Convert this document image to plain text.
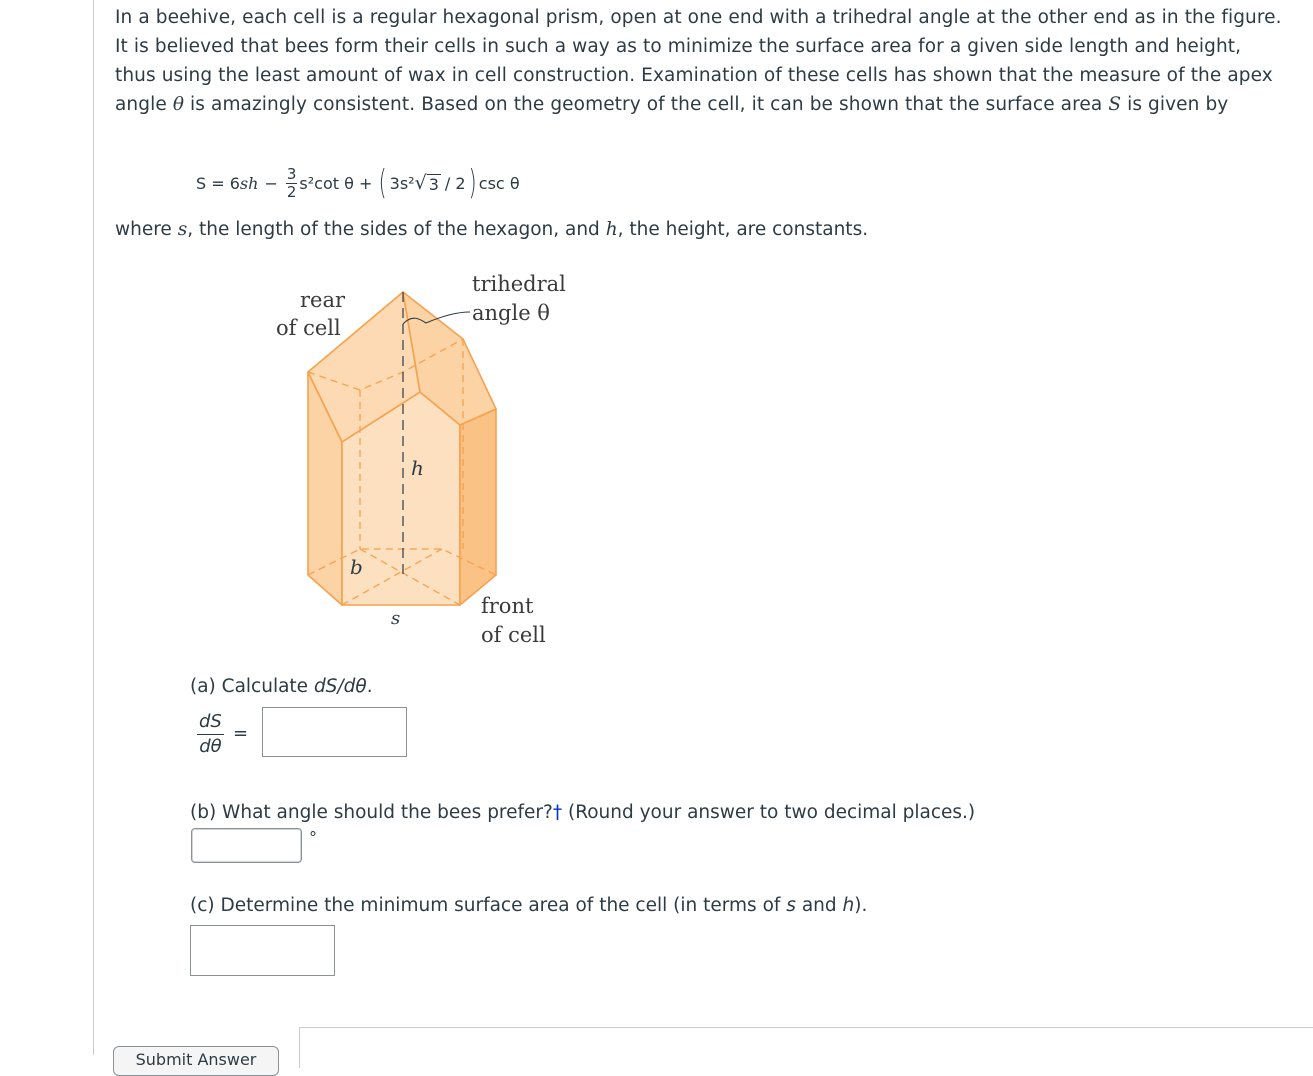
In a beehive, each cell is a regular hexagonal prism, open at one end with a trihedral angle at the other end as in the figure. It is believed that bees form their cells in such a way as to minimize the surface area for a given side length and height, thus using the least amount of wax in cell construction. Examination of these cells has shown that the measure of the apex angle θ is amazingly consistent. Based on the geometry of the cell, it can be shown that the surface area S is given by

S = 6 sh − $\frac{3}{2} s^2\cot$ θ + ( 3s² √ 3 / 2 ) csc θ
where s, the length of the sides of the hexagon, and h, the height, are constants.
rear
of cell
trihedral
angle θ
h
b
s
front
of cell
(a) Calculate dS/dθ.
$\frac{dS}{d\theta}$ =
(b) What angle should the bees prefer?† (Round your answer to two decimal places.)
°
(c) Determine the minimum surface area of the cell (in terms of s and h).
Submit Answer
